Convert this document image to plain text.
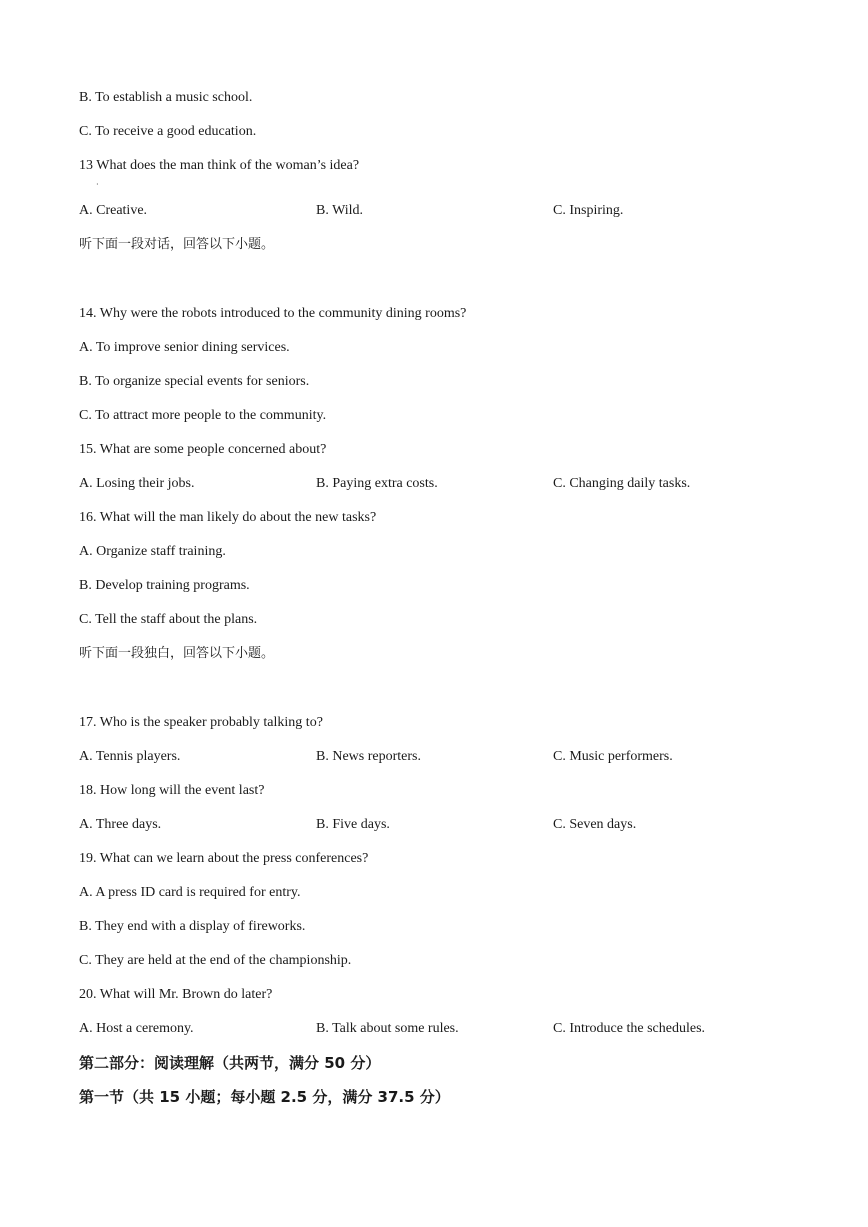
B. To establish a music school.
C. To receive a good education.
13 What does the man think of the woman’s idea?
·
A. Creative.	B. Wild.	C. Inspiring.
听下面一段对话，回答以下小题。
14. Why were the robots introduced to the community dining rooms?
A. To improve senior dining services.
B. To organize special events for seniors.
C. To attract more people to the community.
15. What are some people concerned about?
A. Losing their jobs.	B. Paying extra costs.	C. Changing daily tasks.
16. What will the man likely do about the new tasks?
A. Organize staff training.
B. Develop training programs.
C. Tell the staff about the plans.
听下面一段独白，回答以下小题。
17. Who is the speaker probably talking to?
A. Tennis players.	B. News reporters.	C. Music performers.
18. How long will the event last?
A. Three days.	B. Five days.	C. Seven days.
19. What can we learn about the press conferences?
A. A press ID card is required for entry.
B. They end with a display of fireworks.
C. They are held at the end of the championship.
20. What will Mr. Brown do later?
A. Host a ceremony.	B. Talk about some rules.	C. Introduce the schedules.
第二部分：阅读理解（共两节，满分 50 分）
第一节（共 15 小题；每小题 2.5 分，满分 37.5 分）
